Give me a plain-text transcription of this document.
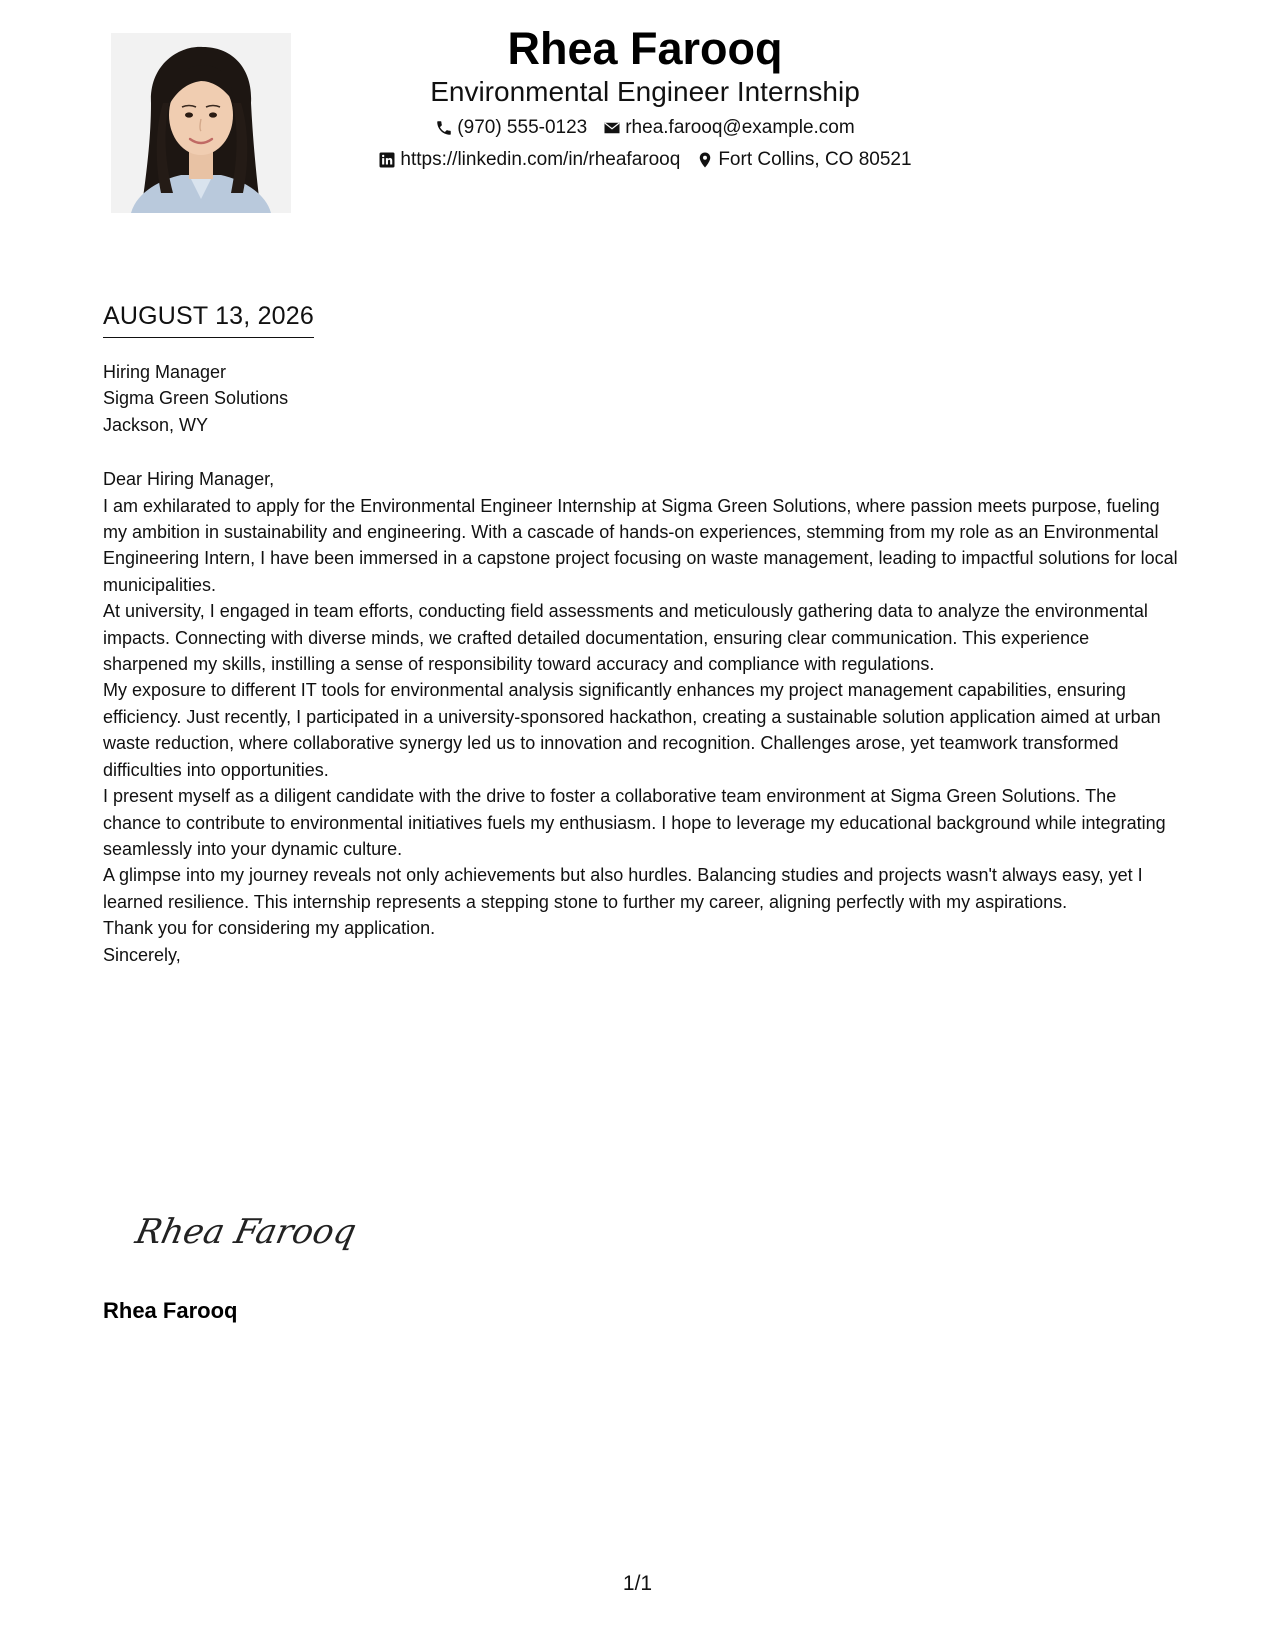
Rhea Farooq

Environmental Engineer Internship

(970) 555-0123 rhea.farooq@example.com
https://linkedin.com/in/rheafarooq Fort Collins, CO 80521
AUGUST 13, 2026

Hiring Manager

Sigma Green Solutions

Jackson, WY

Dear Hiring Manager,

I am exhilarated to apply for the Environmental Engineer Internship at Sigma Green Solutions, where passion meets purpose, fueling my ambition in sustainability and engineering. With a cascade of hands-on experiences, stemming from my role as an Environmental Engineering Intern, I have been immersed in a capstone project focusing on waste management, leading to impactful solutions for local municipalities.

At university, I engaged in team efforts, conducting field assessments and meticulously gathering data to analyze the environmental impacts. Connecting with diverse minds, we crafted detailed documentation, ensuring clear communication. This experience sharpened my skills, instilling a sense of responsibility toward accuracy and compliance with regulations.

My exposure to different IT tools for environmental analysis significantly enhances my project management capabilities, ensuring efficiency. Just recently, I participated in a university-sponsored hackathon, creating a sustainable solution application aimed at urban waste reduction, where collaborative synergy led us to innovation and recognition. Challenges arose, yet teamwork transformed difficulties into opportunities.

I present myself as a diligent candidate with the drive to foster a collaborative team environment at Sigma Green Solutions. The chance to contribute to environmental initiatives fuels my enthusiasm. I hope to leverage my educational background while integrating seamlessly into your dynamic culture.

A glimpse into my journey reveals not only achievements but also hurdles. Balancing studies and projects wasn't always easy, yet I learned resilience. This internship represents a stepping stone to further my career, aligning perfectly with my aspirations.

Thank you for considering my application.

Sincerely,

Rhea Farooq
Rhea Farooq
1/1
